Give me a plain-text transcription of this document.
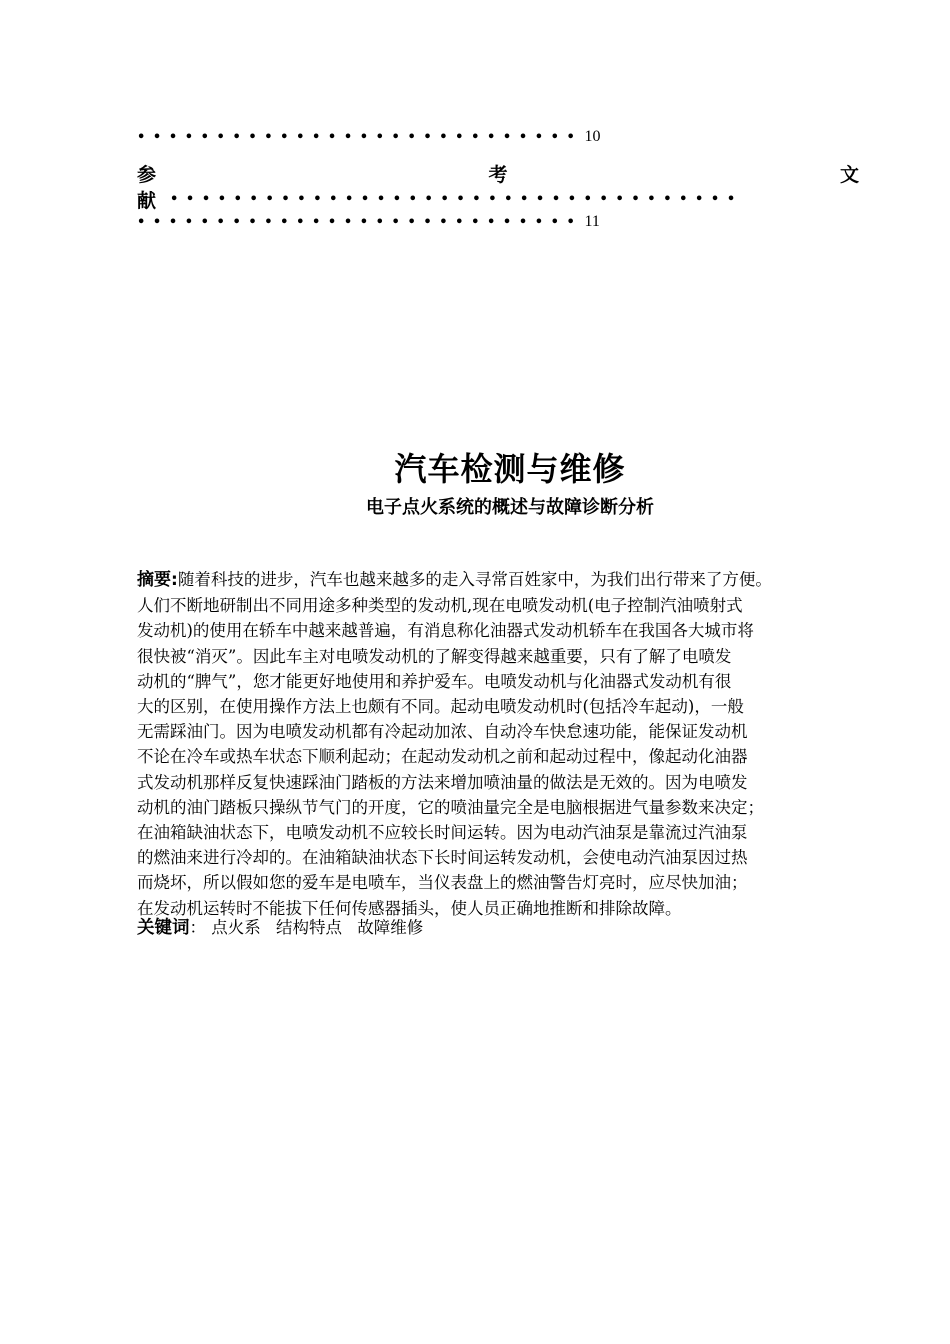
•••••••••••••••••••••••••••• 10
参	考	文
献 ••••••••••••••••••••••••••••••••••••
•••••••••••••••••••••••••••• 11
汽车检测与维修
电子点火系统的概述与故障诊断分析
摘要:随着科技的进步，汽车也越来越多的走入寻常百姓家中，为我们出行带来了方便。
人们不断地研制出不同用途多种类型的发动机,现在电喷发动机(电子控制汽油喷射式
发动机)的使用在轿车中越来越普遍，有消息称化油器式发动机轿车在我国各大城市将
很快被“消灭”。因此车主对电喷发动机的了解变得越来越重要，只有了解了电喷发
动机的“脾气”，您才能更好地使用和养护爱车。电喷发动机与化油器式发动机有很
大的区别，在使用操作方法上也颇有不同。起动电喷发动机时(包括冷车起动)，一般
无需踩油门。因为电喷发动机都有冷起动加浓、自动冷车快怠速功能，能保证发动机
不论在冷车或热车状态下顺利起动；在起动发动机之前和起动过程中，像起动化油器
式发动机那样反复快速踩油门踏板的方法来增加喷油量的做法是无效的。因为电喷发
动机的油门踏板只操纵节气门的开度，它的喷油量完全是电脑根据进气量参数来决定；
在油箱缺油状态下，电喷发动机不应较长时间运转。因为电动汽油泵是靠流过汽油泵
的燃油来进行冷却的。在油箱缺油状态下长时间运转发动机，会使电动汽油泵因过热
而烧坏，所以假如您的爱车是电喷车，当仪表盘上的燃油警告灯亮时，应尽快加油；
在发动机运转时不能拔下任何传感器插头，使人员正确地推断和排除故障。
关键词： 点火系 结构特点 故障维修
